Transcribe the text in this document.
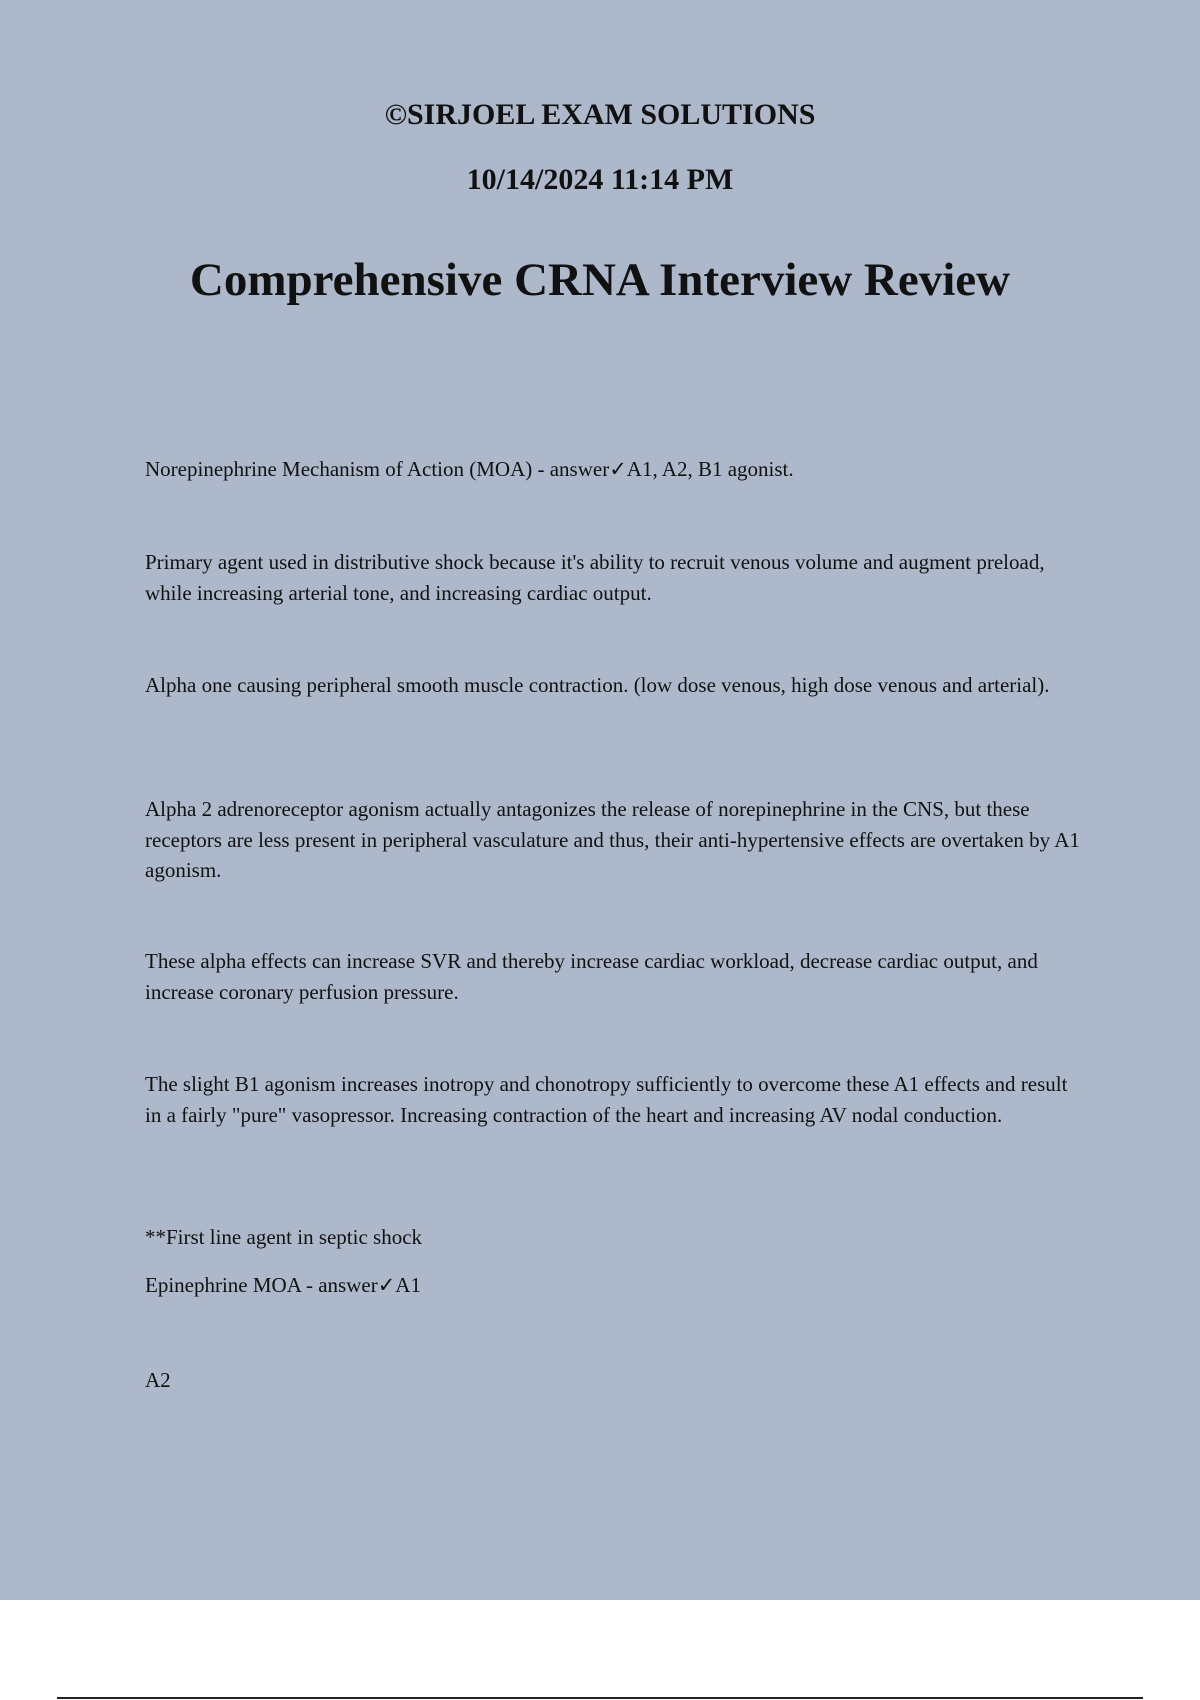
©SIRJOEL EXAM SOLUTIONS

10/14/2024 11:14 PM

Comprehensive CRNA Interview Review

Norepinephrine Mechanism of Action (MOA) - answer✓A1, A2, B1 agonist.

Primary agent used in distributive shock because it's ability to recruit venous volume and augment preload, while increasing arterial tone, and increasing cardiac output.

Alpha one causing peripheral smooth muscle contraction. (low dose venous, high dose venous and arterial).

Alpha 2 adrenoreceptor agonism actually antagonizes the release of norepinephrine in the CNS, but these receptors are less present in peripheral vasculature and thus, their anti-hypertensive effects are overtaken by A1 agonism.

These alpha effects can increase SVR and thereby increase cardiac workload, decrease cardiac output, and increase coronary perfusion pressure.

The slight B1 agonism increases inotropy and chonotropy sufficiently to overcome these A1 effects and result in a fairly "pure" vasopressor. Increasing contraction of the heart and increasing AV nodal conduction.

**First line agent in septic shock

Epinephrine MOA - answer✓A1

A2
